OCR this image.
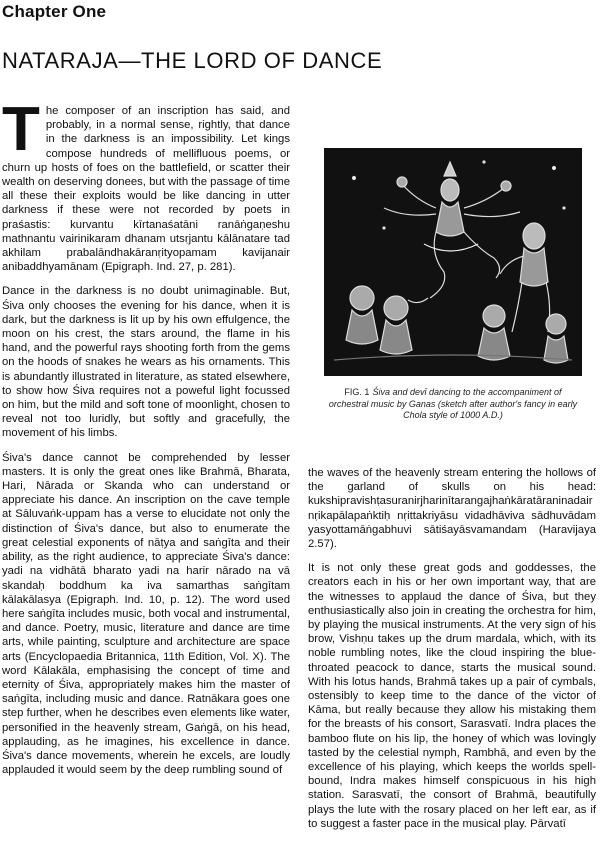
Chapter One
NATARAJA—THE LORD OF DANCE

The composer of an inscription has said, and probably, in a normal sense, rightly, that dance in the darkness is an impossibility. Let kings compose hundreds of mellifluous poems, or churn up hosts of foes on the battlefield, or scatter their wealth on deserving donees, but with the passage of time all these their exploits would be like dancing in utter darkness if these were not recorded by poets in praśastis: kurvantu kīrtanaśatāni ranāṅgaṇeshu mathnantu vairinikaram dhanam utsṛjantu kālānatare tad akhilam prabalāndhakāranṛityopamam kavijanair anibaddhyamānam (Epigraph. Ind. 27, p. 281).

Dance in the darkness is no doubt unimaginable. But, Śiva only chooses the evening for his dance, when it is dark, but the darkness is lit up by his own effulgence, the moon on his crest, the stars around, the flame in his hand, and the powerful rays shooting forth from the gems on the hoods of snakes he wears as his ornaments. This is abundantly illustrated in literature, as stated elsewhere, to show how Śiva requires not a poweful light focussed on him, but the mild and soft tone of moonlight, chosen to reveal not too luridly, but softly and gracefully, the movement of his limbs.

Śiva's dance cannot be comprehended by lesser masters. It is only the great ones like Brahmā, Bharata, Hari, Nārada or Skanda who can understand or appreciate his dance. An inscription on the cave temple at Sāluvaṅk-uppam has a verse to elucidate not only the distinction of Śiva's dance, but also to enumerate the great celestial exponents of nāṭya and saṅgīta and their ability, as the right audience, to appreciate Śiva's dance: yadi na vidhātā bharato yadi na harir nārado na vā skandaḥ boddhum ka iva samarthas saṅgītam kālakālasya (Epigraph. Ind. 10, p. 12). The word used here saṅgīta includes music, both vocal and instrumental, and dance. Poetry, music, literature and dance are time arts, while painting, sculpture and architecture are space arts (Encyclopaedia Britannica, 11th Edition, Vol. X). The word Kālakāla, emphasising the concept of time and eternity of Śiva, appropriately makes him the master of saṅgīta, including music and dance. Ratnākara goes one step further, when he describes even elements like water, personified in the heavenly stream, Gaṅgā, on his head, applauding, as he imagines, his excellence in dance. Śiva's dance movements, wherein he excels, are loudly applauded it would seem by the deep rumbling sound of

FIG. 1 Śiva and devī dancing to the accompaniment of orchestral music by Ganas (sketch after author's fancy in early Chola style of 1000 A.D.)

the waves of the heavenly stream entering the hollows of the garland of skulls on his head: kukshipravishṭasuranirjharinītarangajhaṅkāratāraninadair nṛikapālapaṅktiḥ nṛittakriyāsu vidadhāviva sādhuvādam yasyottamāṅgabhuvi sātiśayāsvamandam (Haravijaya 2.57).

It is not only these great gods and goddesses, the creators each in his or her own important way, that are the witnesses to applaud the dance of Śiva, but they enthusiastically also join in creating the orchestra for him, by playing the musical instruments. At the very sign of his brow, Vishṇu takes up the drum mardala, which, with its noble rumbling notes, like the cloud inspiring the blue-throated peacock to dance, starts the musical sound. With his lotus hands, Brahmā takes up a pair of cymbals, ostensibly to keep time to the dance of the victor of Kāma, but really because they allow his mistaking them for the breasts of his consort, Sarasvatī. Indra places the bamboo flute on his lip, the honey of which was lovingly tasted by the celestial nymph, Rambhā, and even by the excellence of his playing, which keeps the worlds spell-bound, Indra makes himself conspicuous in his high station. Sarasvatī, the consort of Brahmā, beautifully plays the lute with the rosary placed on her left ear, as if to suggest a faster pace in the musical play. Pārvatī
